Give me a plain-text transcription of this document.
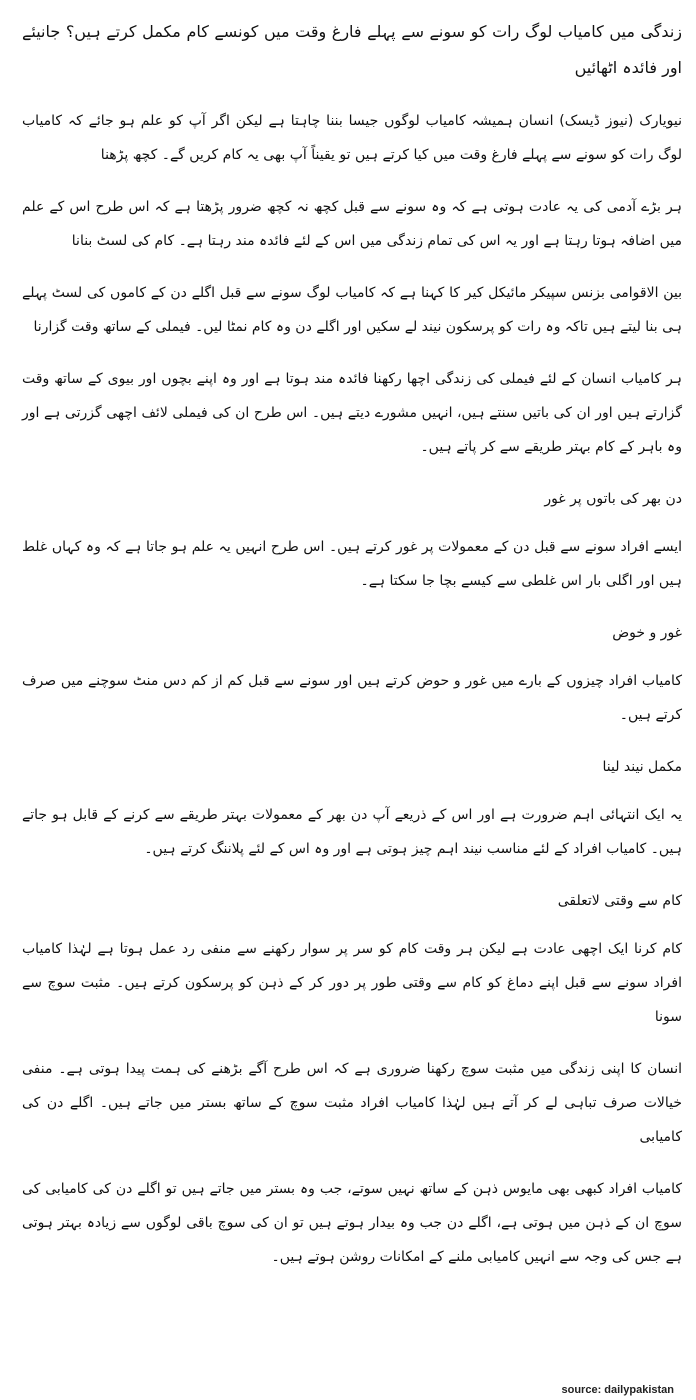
زندگی میں کامیاب لوگ رات کو سونے سے پہلے فارغ وقت میں کونسے کام مکمل کرتے ہیں؟ جانیئے اور فائدہ اٹھائیں

نیویارک (نیوز ڈیسک) انسان ہمیشہ کامیاب لوگوں جیسا بننا چاہتا ہے لیکن اگر آپ کو علم ہو جائے کہ کامیاب لوگ رات کو سونے سے پہلے فارغ وقت میں کیا کرتے ہیں تو یقیناً آپ بھی یہ کام کریں گے۔ کچھ پڑھنا

ہر بڑے آدمی کی یہ عادت ہوتی ہے کہ وہ سونے سے قبل کچھ نہ کچھ ضرور پڑھتا ہے کہ اس طرح اس کے علم میں اضافہ ہوتا رہتا ہے اور یہ اس کی تمام زندگی میں اس کے لئے فائدہ مند رہتا ہے۔ کام کی لسٹ بنانا

بین الاقوامی بزنس سپیکر مائیکل کیر کا کہنا ہے کہ کامیاب لوگ سونے سے قبل اگلے دن کے کاموں کی لسٹ پہلے ہی بنا لیتے ہیں تاکہ وہ رات کو پرسکون نیند لے سکیں اور اگلے دن وہ کام نمٹا لیں۔ فیملی کے ساتھ وقت گزارنا

ہر کامیاب انسان کے لئے فیملی کی زندگی اچھا رکھنا فائدہ مند ہوتا ہے اور وہ اپنے بچوں اور بیوی کے ساتھ وقت گزارتے ہیں اور ان کی باتیں سنتے ہیں، انہیں مشورے دیتے ہیں۔ اس طرح ان کی فیملی لائف اچھی گزرتی ہے اور وہ باہر کے کام بہتر طریقے سے کر پاتے ہیں۔

دن بھر کی باتوں پر غور

ایسے افراد سونے سے قبل دن کے معمولات پر غور کرتے ہیں۔ اس طرح انہیں یہ علم ہو جاتا ہے کہ وہ کہاں غلط ہیں اور اگلی بار اس غلطی سے کیسے بچا جا سکتا ہے۔

غور و خوض

کامیاب افراد چیزوں کے بارے میں غور و حوض کرتے ہیں اور سونے سے قبل کم از کم دس منٹ سوچنے میں صرف کرتے ہیں۔

مکمل نیند لینا

یہ ایک انتہائی اہم ضرورت ہے اور اس کے ذریعے آپ دن بھر کے معمولات بہتر طریقے سے کرنے کے قابل ہو جاتے ہیں۔ کامیاب افراد کے لئے مناسب نیند اہم چیز ہوتی ہے اور وہ اس کے لئے پلاننگ کرتے ہیں۔

کام سے وقتی لاتعلقی

کام کرنا ایک اچھی عادت ہے لیکن ہر وقت کام کو سر پر سوار رکھنے سے منفی رد عمل ہوتا ہے لہٰذا کامیاب افراد سونے سے قبل اپنے دماغ کو کام سے وقتی طور پر دور کر کے ذہن کو پرسکون کرتے ہیں۔ مثبت سوچ سے سونا

انسان کا اپنی زندگی میں مثبت سوچ رکھنا ضروری ہے کہ اس طرح آگے بڑھنے کی ہمت پیدا ہوتی ہے۔ منفی خیالات صرف تباہی لے کر آتے ہیں لہٰذا کامیاب افراد مثبت سوچ کے ساتھ بستر میں جاتے ہیں۔ اگلے دن کی کامیابی

کامیاب افراد کبھی بھی مایوس ذہن کے ساتھ نہیں سوتے، جب وہ بستر میں جاتے ہیں تو اگلے دن کی کامیابی کی سوچ ان کے ذہن میں ہوتی ہے، اگلے دن جب وہ بیدار ہوتے ہیں تو ان کی سوچ باقی لوگوں سے زیادہ بہتر ہوتی ہے جس کی وجہ سے انہیں کامیابی ملنے کے امکانات روشن ہوتے ہیں۔

source: dailypakistan
